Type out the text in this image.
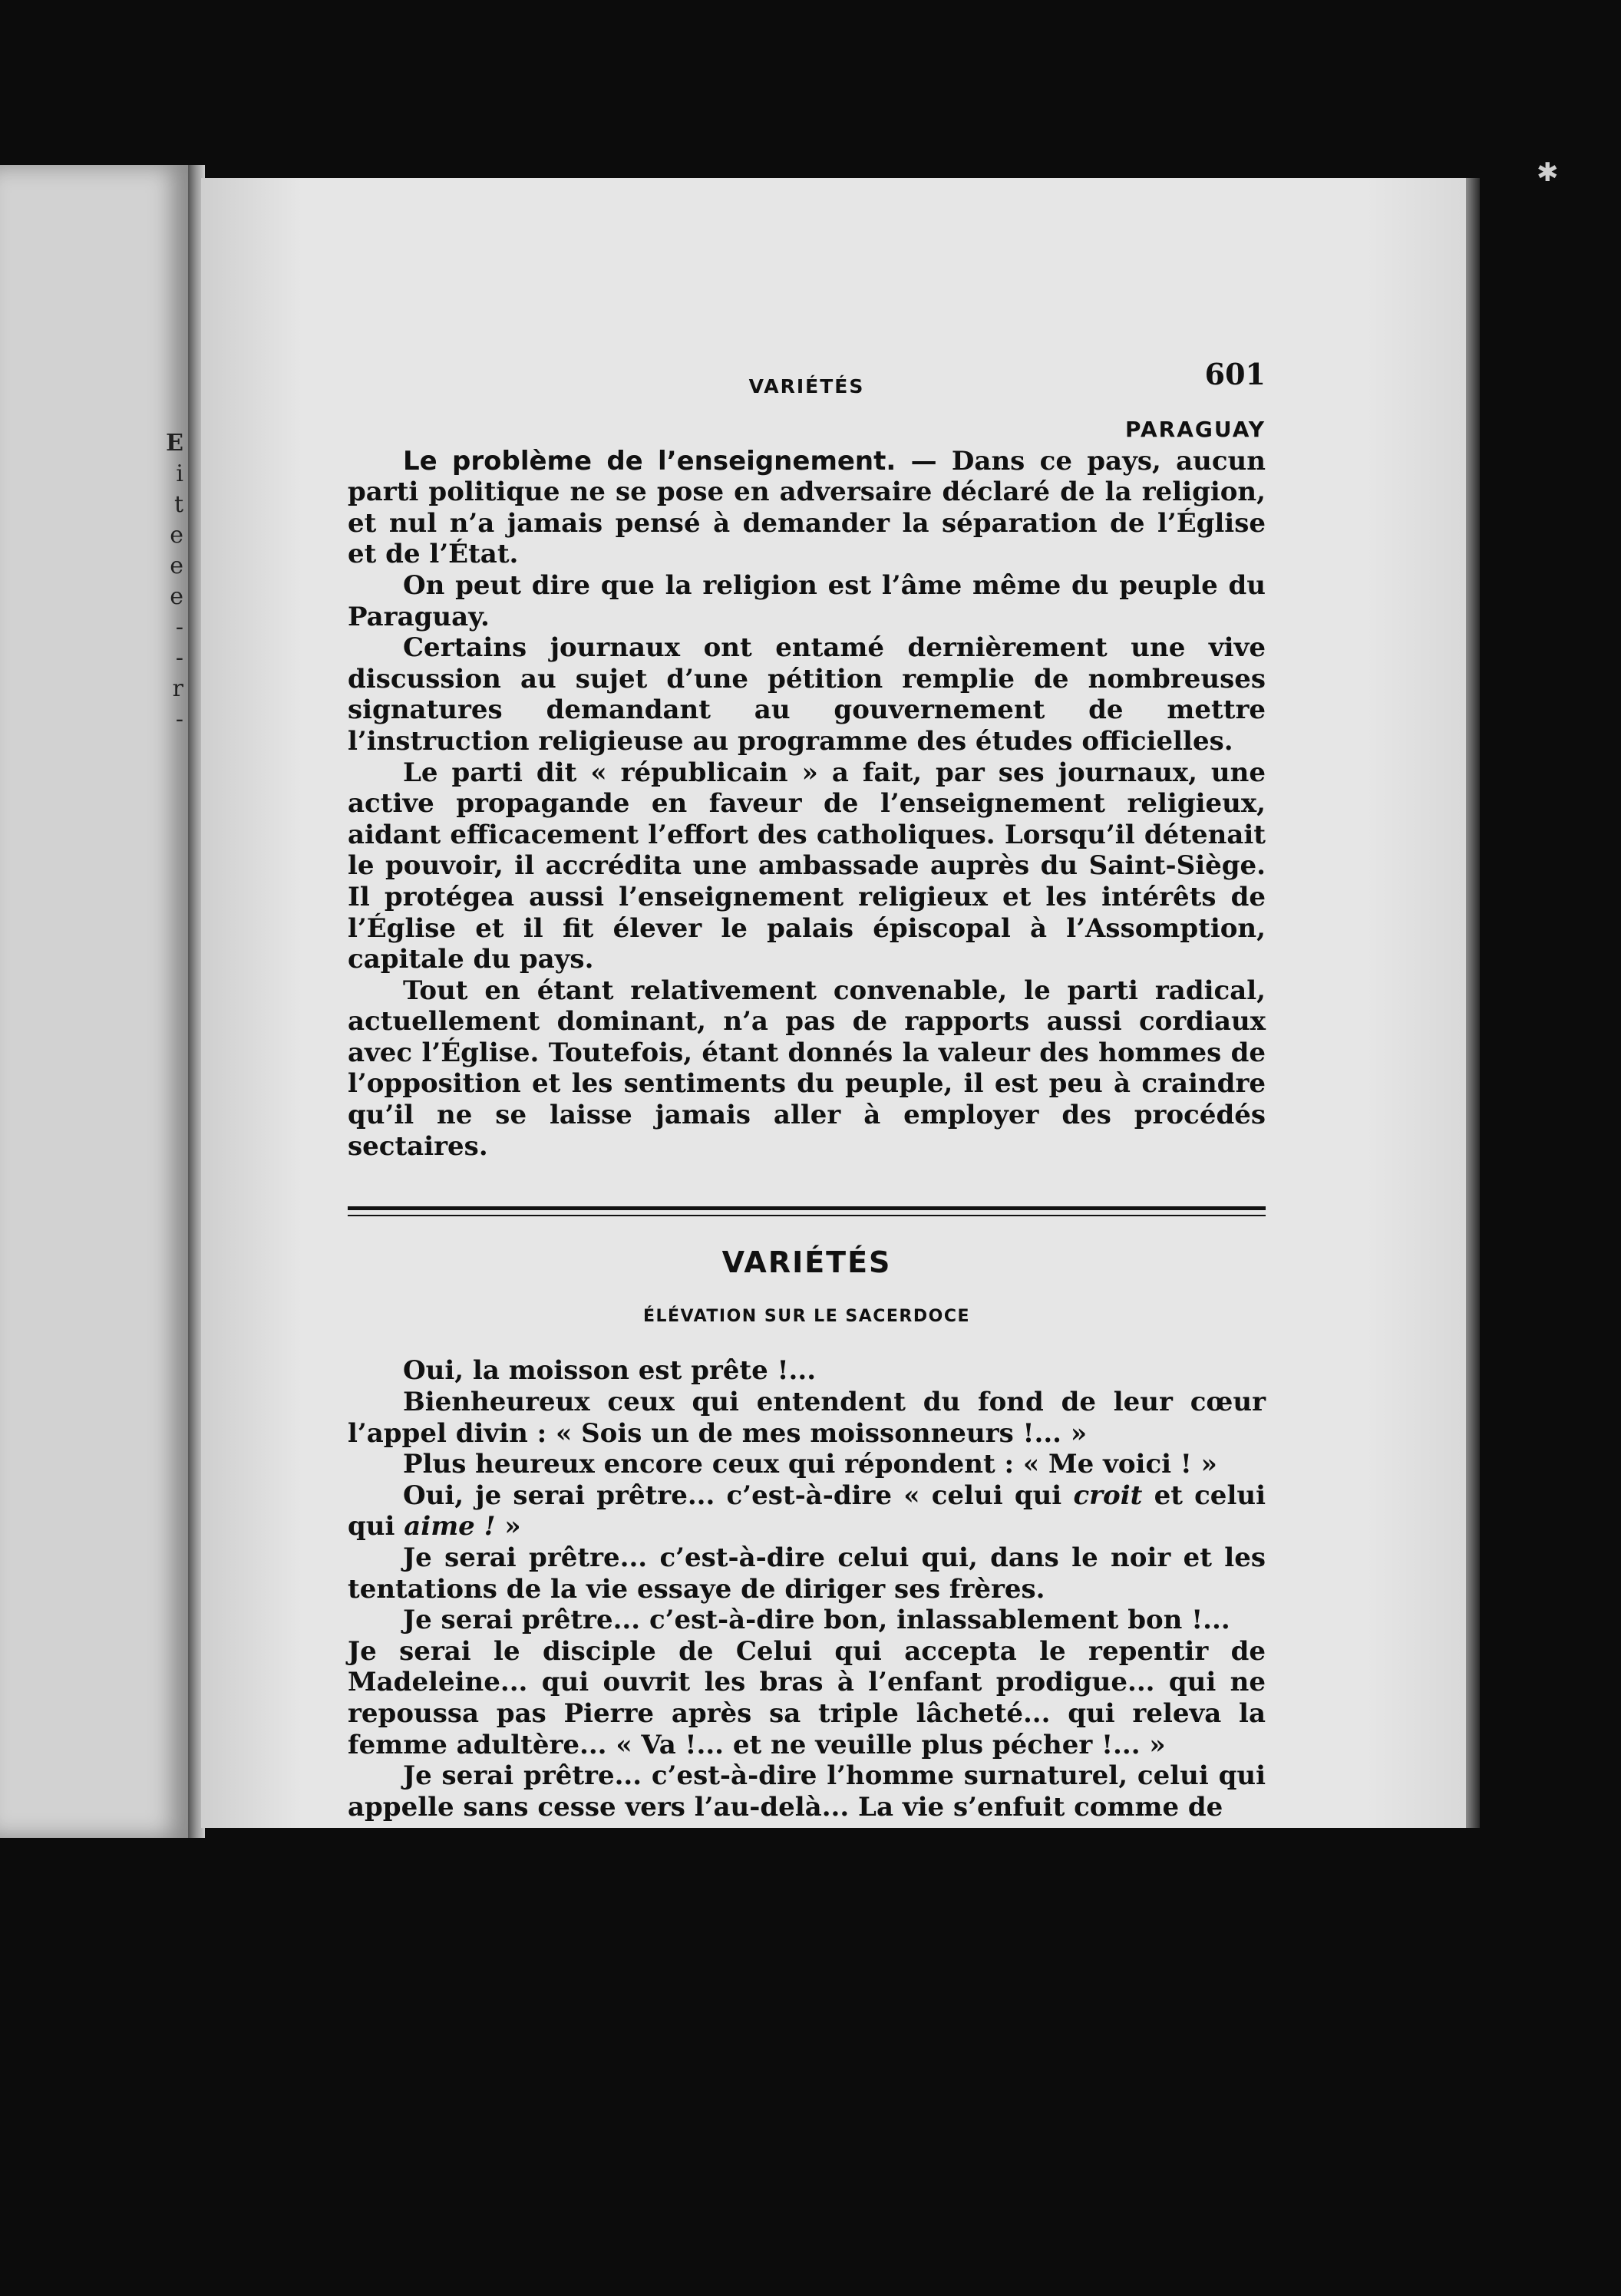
E
i
t
e
e
e
-
-
r
-
✱
VARIÉTÉS	601
PARAGUAY

Le problème de l’enseignement. — Dans ce pays, aucun parti politique ne se pose en adversaire déclaré de la religion, et nul n’a jamais pensé à demander la séparation de l’Église et de l’État.

On peut dire que la religion est l’âme même du peuple du Paraguay.

Certains journaux ont entamé dernièrement une vive discussion au sujet d’une pétition remplie de nombreuses signatures demandant au gouvernement de mettre l’instruction religieuse au programme des études officielles.

Le parti dit « républicain » a fait, par ses journaux, une active propagande en faveur de l’enseignement religieux, aidant efficacement l’effort des catholiques. Lorsqu’il détenait le pouvoir, il accrédita une ambassade auprès du Saint-Siège. Il protégea aussi l’enseignement religieux et les intérêts de l’Église et il fit élever le palais épiscopal à l’Assomption, capitale du pays.

Tout en étant relativement convenable, le parti radical, actuellement dominant, n’a pas de rapports aussi cordiaux avec l’Église. Toutefois, étant donnés la valeur des hommes de l’opposition et les sentiments du peuple, il est peu à craindre qu’il ne se laisse jamais aller à employer des procédés sectaires.

VARIÉTÉS
ÉLÉVATION SUR LE SACERDOCE

Oui, la moisson est prête !...

Bienheureux ceux qui entendent du fond de leur cœur l’appel divin : « Sois un de mes moissonneurs !... »

Plus heureux encore ceux qui répondent : « Me voici ! »

Oui, je serai prêtre... c’est-à-dire « celui qui croit et celui qui aime ! »

Je serai prêtre... c’est-à-dire celui qui, dans le noir et les tentations de la vie essaye de diriger ses frères.

Je serai prêtre... c’est-à-dire bon, inlassablement bon !...

Je serai le disciple de Celui qui accepta le repentir de Madeleine... qui ouvrit les bras à l’enfant prodigue... qui ne repoussa pas Pierre après sa triple lâcheté... qui releva la femme adultère... « Va !... et ne veuille plus pécher !... »

Je serai prêtre... c’est-à-dire l’homme surnaturel, celui qui appelle sans cesse vers l’au-delà... La vie s’enfuit comme de
